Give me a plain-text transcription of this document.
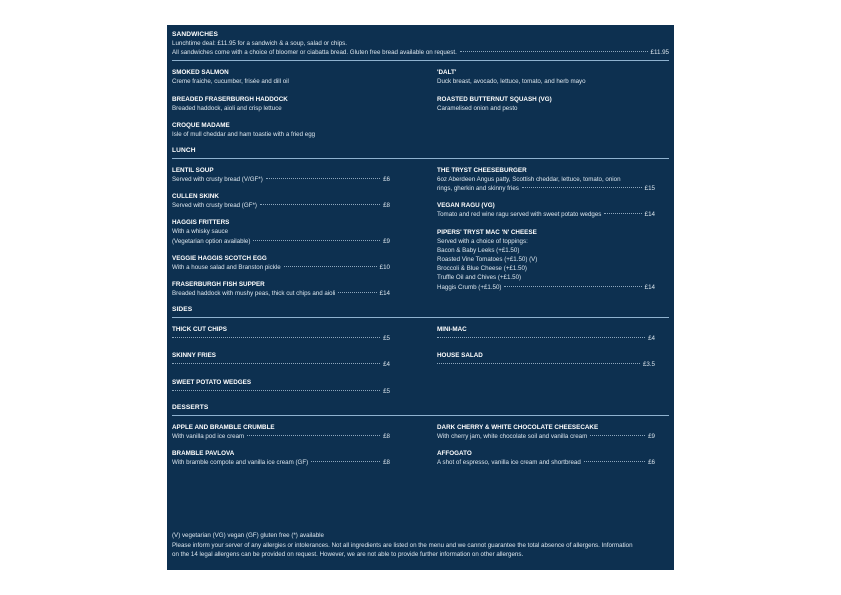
SANDWICHES
Lunchtime deal: £11.95 for a sandwich & a soup, salad or chips.
All sandwiches come with a choice of bloomer or ciabatta bread. Gluten free bread available on request.	£11.95
SMOKED SALMON
Creme fraiche, cucumber, frisée and dill oil
BREADED FRASERBURGH HADDOCK
Breaded haddock, aioli and crisp lettuce
CROQUE MADAME
Isle of mull cheddar and ham toastie with a fried egg
'DALT'
Duck breast, avocado, lettuce, tomato, and herb mayo
ROASTED BUTTERNUT SQUASH (VG)
Caramelised onion and pesto
LUNCH
LENTIL SOUP
Served with crusty bread (V/GF*)	£6
CULLEN SKINK
Served with crusty bread (GF*)	£8
HAGGIS FRITTERS
With a whisky sauce
(Vegetarian option available)	£9
VEGGIE HAGGIS SCOTCH EGG
With a house salad and Branston pickle	£10
FRASERBURGH FISH SUPPER
Breaded haddock with mushy peas, thick cut chips and aioli	£14
THE TRYST CHEESEBURGER
6oz Aberdeen Angus patty, Scottish cheddar, lettuce, tomato, onion
rings, gherkin and skinny fries	£15
VEGAN RAGU (VG)
Tomato and red wine ragu served with sweet potato wedges	£14
PIPERS' TRYST MAC 'N' CHEESE
Served with a choice of toppings:
Bacon & Baby Leeks (+£1.50)
Roasted Vine Tomatoes (+£1.50) (V)
Broccoli & Blue Cheese (+£1.50)
Truffle Oil and Chives (+£1.50)
Haggis Crumb (+£1.50)	£14
SIDES
THICK CUT CHIPS
£5
SKINNY FRIES
£4
SWEET POTATO WEDGES
£5
MINI-MAC
£4
HOUSE SALAD
£3.5
DESSERTS
APPLE AND BRAMBLE CRUMBLE
With vanilla pod ice cream	£8
BRAMBLE PAVLOVA
With bramble compote and vanilla ice cream (GF)	£8
DARK CHERRY & WHITE CHOCOLATE CHEESECAKE
With cherry jam, white chocolate soil and vanilla cream	£9
AFFOGATO
A shot of espresso, vanilla ice cream and shortbread	£6
(V) vegetarian (VG) vegan (GF) gluten free (*) available
Please inform your server of any allergies or intolerances. Not all ingredients are listed on the menu and we cannot guarantee the total absence of allergens. Information
on the 14 legal allergens can be provided on request. However, we are not able to provide further information on other allergens.
